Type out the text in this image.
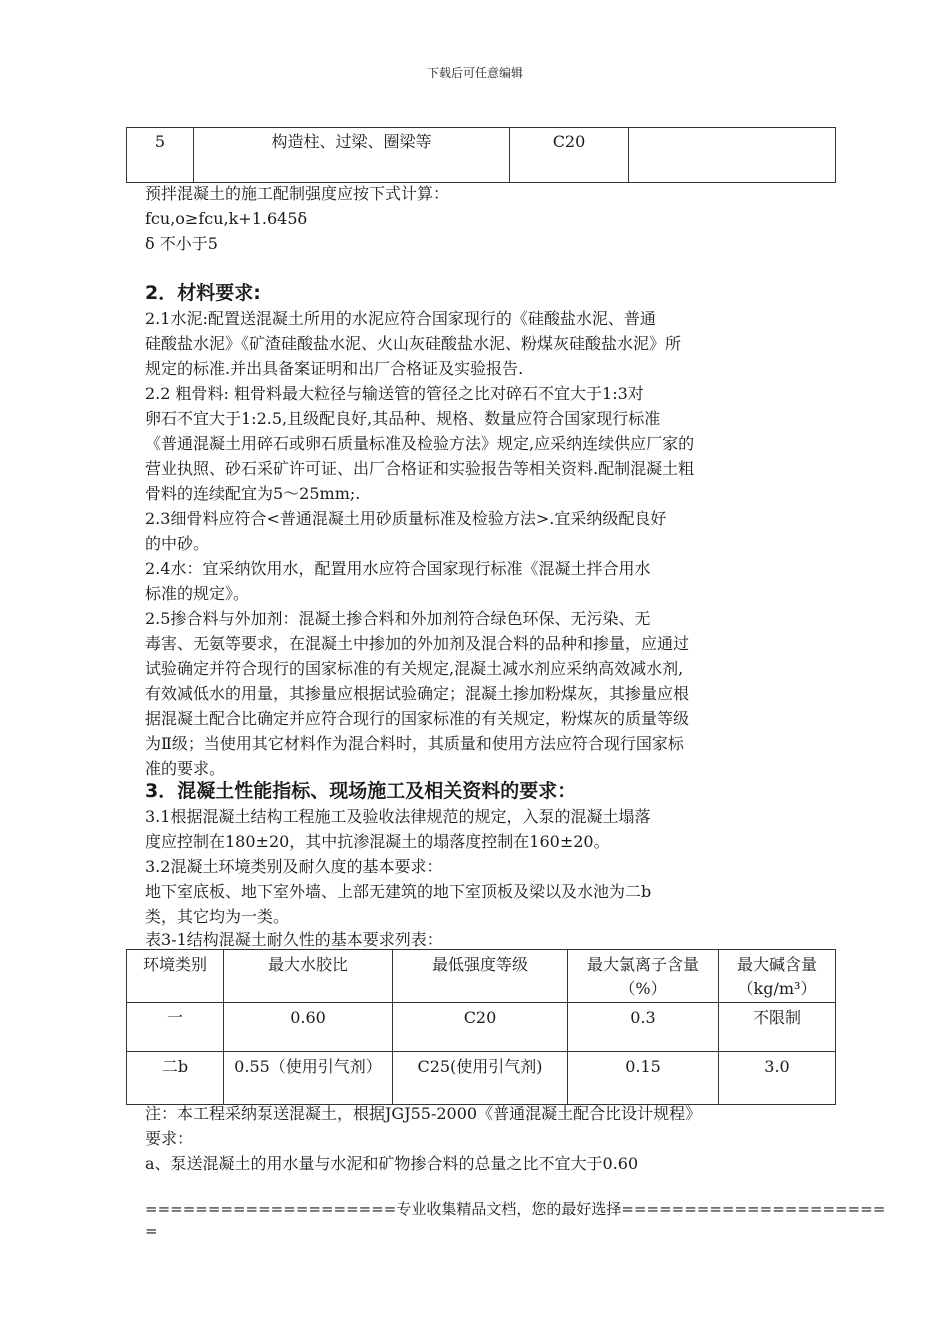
下载后可任意编辑
5	构造柱、过梁、圈梁等	C20	
预拌混凝土的施工配制强度应按下式计算：
fcu,o≥fcu,k+1.645δ
δ 不小于5
2．材料要求:
2.1水泥:配置送混凝土所用的水泥应符合国家现行的《硅酸盐水泥、普通
硅酸盐水泥》《矿渣硅酸盐水泥、火山灰硅酸盐水泥、粉煤灰硅酸盐水泥》所
规定的标准.并出具备案证明和出厂合格证及实验报告.
2.2 粗骨料: 粗骨料最大粒径与输送管的管径之比对碎石不宜大于1:3对
卵石不宜大于1:2.5,且级配良好,其品种、规格、数量应符合国家现行标准
《普通混凝土用碎石或卵石质量标准及检验方法》规定,应采纳连续供应厂家的
营业执照、砂石采矿许可证、出厂合格证和实验报告等相关资料.配制混凝土粗
骨料的连续配宜为5～25mm;.
2.3细骨料应符合<普通混凝土用砂质量标准及检验方法>.宜采纳级配良好
的中砂。
2.4水：宜采纳饮用水，配置用水应符合国家现行标准《混凝土拌合用水
标准的规定》。
2.5掺合料与外加剂：混凝土掺合料和外加剂符合绿色环保、无污染、无
毒害、无氨等要求，在混凝土中掺加的外加剂及混合料的品种和掺量，应通过
试验确定并符合现行的国家标准的有关规定,混凝土减水剂应采纳高效减水剂,
有效减低水的用量，其掺量应根据试验确定；混凝土掺加粉煤灰，其掺量应根
据混凝土配合比确定并应符合现行的国家标准的有关规定，粉煤灰的质量等级
为Ⅱ级；当使用其它材料作为混合料时，其质量和使用方法应符合现行国家标
准的要求。
3．混凝土性能指标、现场施工及相关资料的要求：
3.1根据混凝土结构工程施工及验收法律规范的规定，入泵的混凝土塌落
度应控制在180±20，其中抗渗混凝土的塌落度控制在160±20。
3.2混凝土环境类别及耐久度的基本要求：
地下室底板、地下室外墙、上部无建筑的地下室顶板及梁以及水池为二b
类，其它均为一类。
表3-1结构混凝土耐久性的基本要求列表：
环境类别	最大水胶比	最低强度等级	最大氯离子含量（%）	最大碱含量（kg/m³）
一	0.60	C20	0.3	不限制
二b	0.55（使用引气剂）	C25(使用引气剂)	0.15	3.0
注：本工程采纳泵送混凝土，根据JGJ55-2000《普通混凝土配合比设计规程》
要求：
a、泵送混凝土的用水量与水泥和矿物掺合料的总量之比不宜大于0.60
====================专业收集精品文档，您的最好选择=====================
=
